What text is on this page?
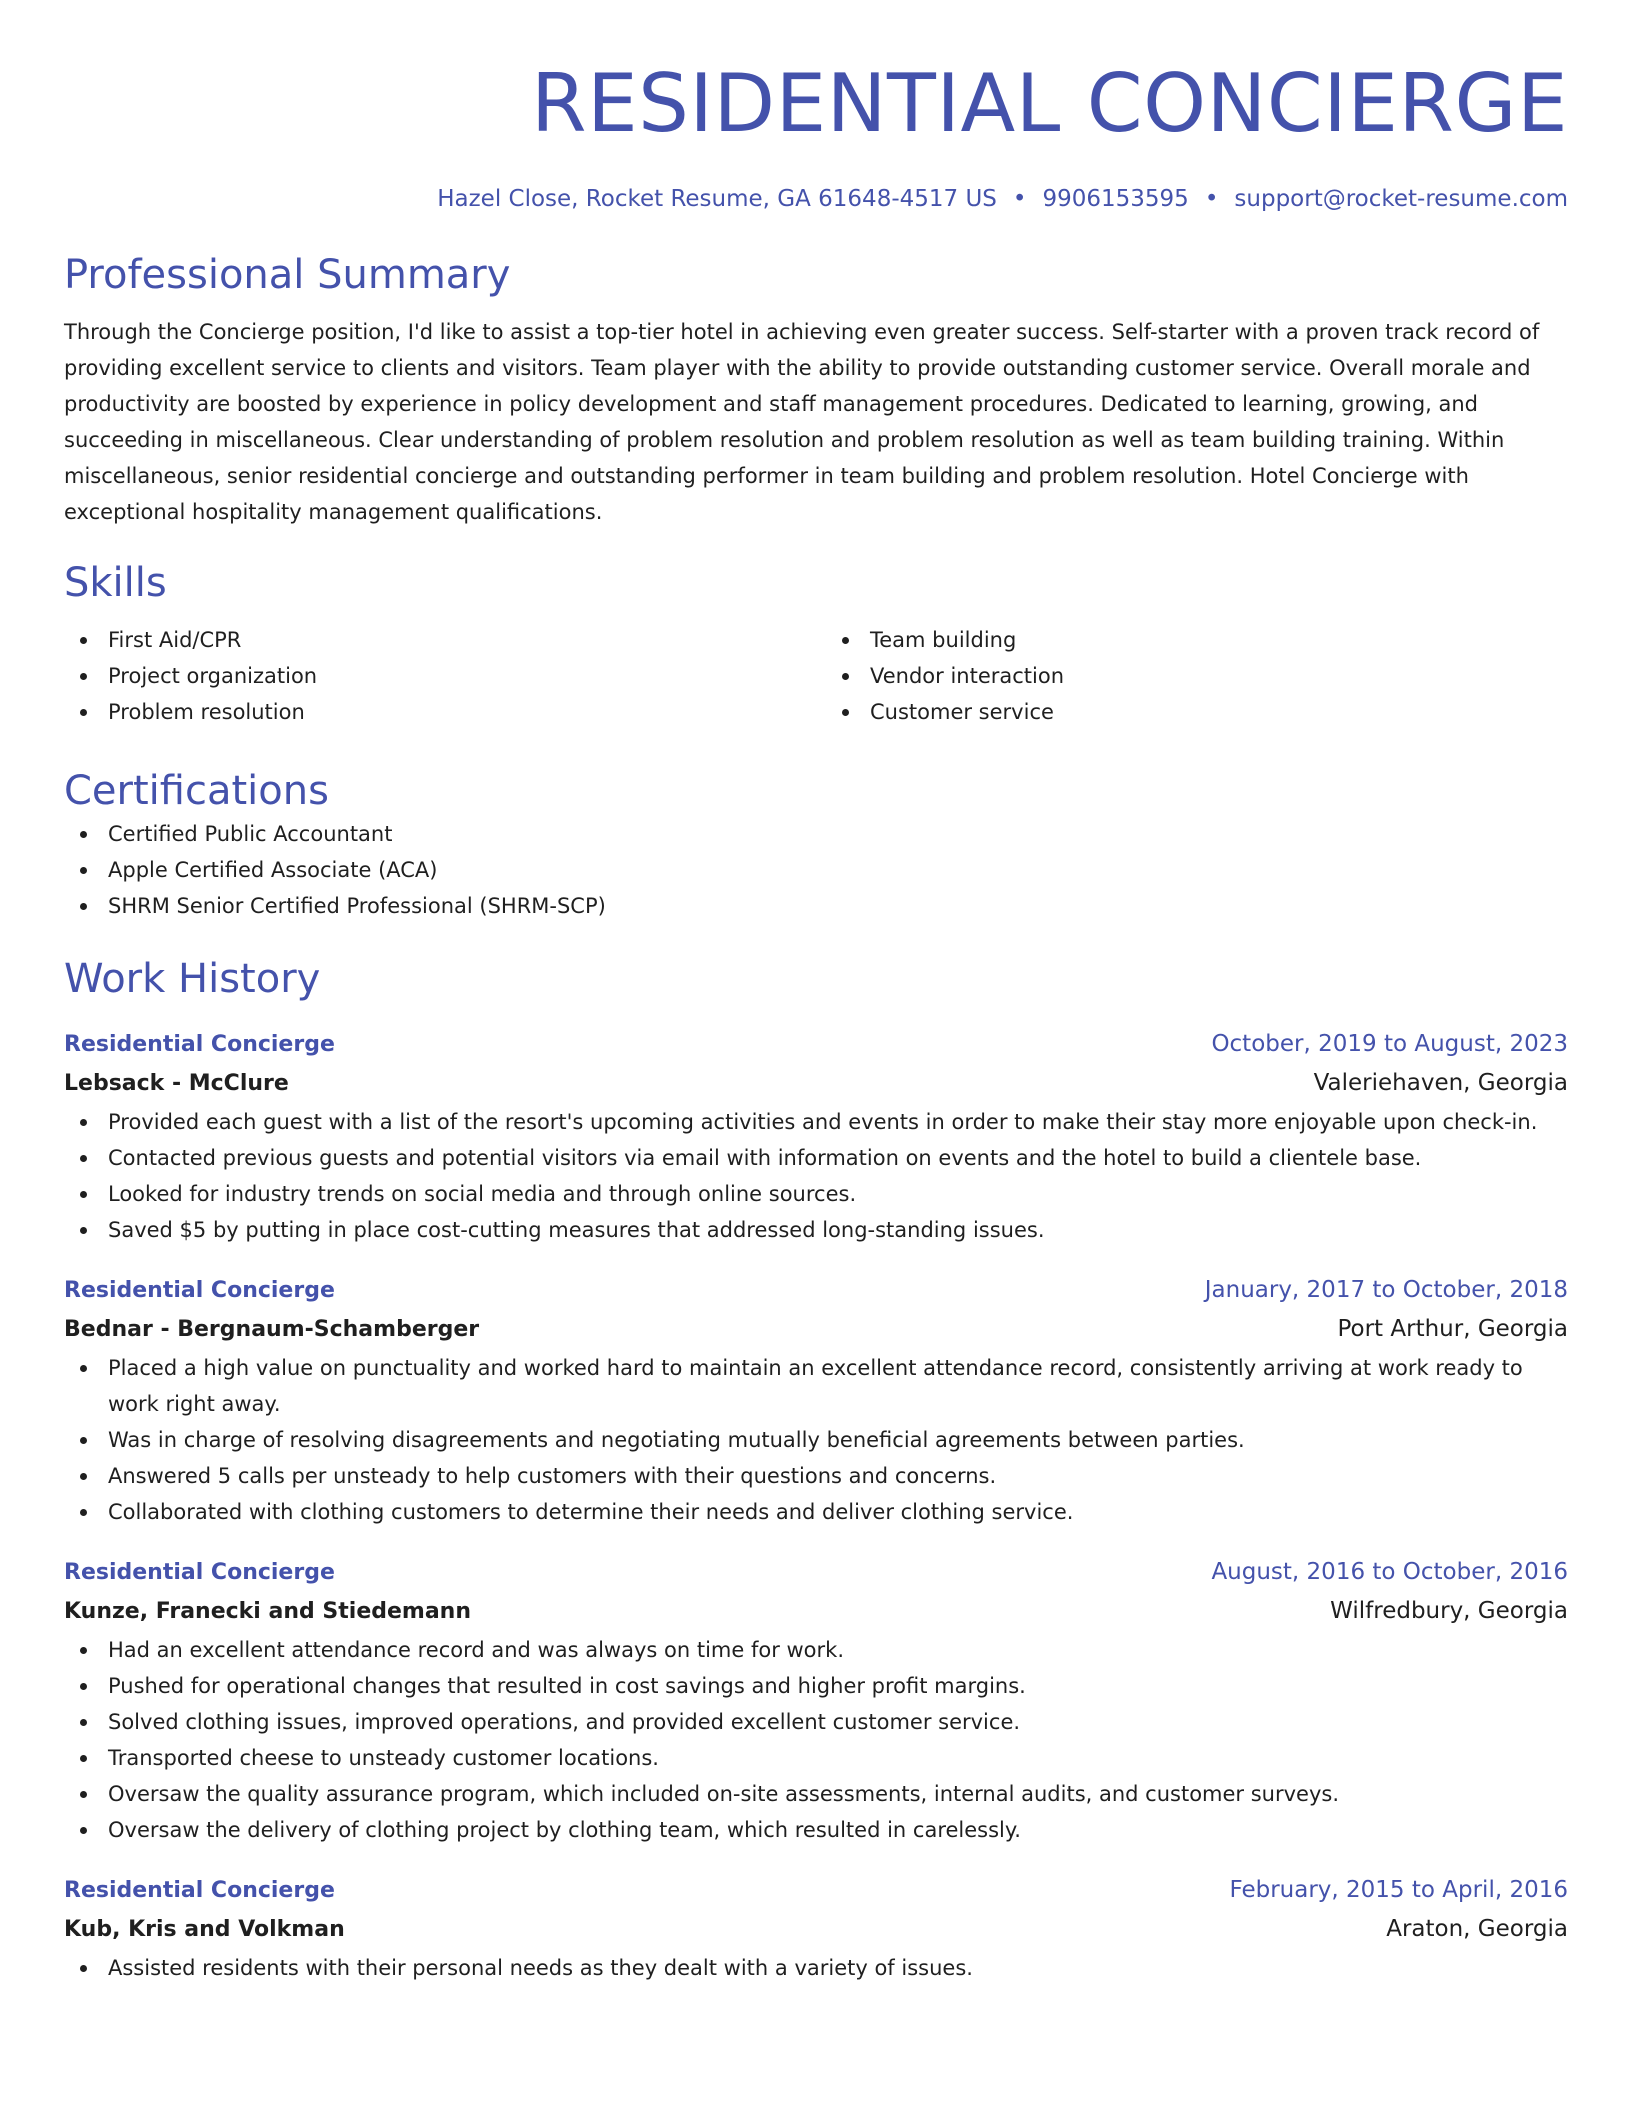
RESIDENTIAL CONCIERGE
Hazel Close, Rocket Resume, GA 61648-4517 US • 9906153595 • support@rocket-resume.com
Professional Summary

Through the Concierge position, I'd like to assist a top-tier hotel in achieving even greater success. Self-starter with a proven track record of providing excellent service to clients and visitors. Team player with the ability to provide outstanding customer service. Overall morale and productivity are boosted by experience in policy development and staff management procedures. Dedicated to learning, growing, and succeeding in miscellaneous. Clear understanding of problem resolution and problem resolution as well as team building training. Within miscellaneous, senior residential concierge and outstanding performer in team building and problem resolution. Hotel Concierge with exceptional hospitality management qualifications.

Skills
First Aid/CPR
Project organization
Problem resolution
Team building
Vendor interaction
Customer service
Certifications
Certified Public Accountant
Apple Certified Associate (ACA)
SHRM Senior Certified Professional (SHRM-SCP)
Work History
Residential Concierge	October, 2019 to August, 2023
Lebsack - McClure	Valeriehaven, Georgia
Provided each guest with a list of the resort's upcoming activities and events in order to make their stay more enjoyable upon check-in.
Contacted previous guests and potential visitors via email with information on events and the hotel to build a clientele base.
Looked for industry trends on social media and through online sources.
Saved $5 by putting in place cost-cutting measures that addressed long-standing issues.
Residential Concierge	January, 2017 to October, 2018
Bednar - Bergnaum-Schamberger	Port Arthur, Georgia
Placed a high value on punctuality and worked hard to maintain an excellent attendance record, consistently arriving at work ready to work right away.
Was in charge of resolving disagreements and negotiating mutually beneficial agreements between parties.
Answered 5 calls per unsteady to help customers with their questions and concerns.
Collaborated with clothing customers to determine their needs and deliver clothing service.
Residential Concierge	August, 2016 to October, 2016
Kunze, Franecki and Stiedemann	Wilfredbury, Georgia
Had an excellent attendance record and was always on time for work.
Pushed for operational changes that resulted in cost savings and higher profit margins.
Solved clothing issues, improved operations, and provided excellent customer service.
Transported cheese to unsteady customer locations.
Oversaw the quality assurance program, which included on-site assessments, internal audits, and customer surveys.
Oversaw the delivery of clothing project by clothing team, which resulted in carelessly.
Residential Concierge	February, 2015 to April, 2016
Kub, Kris and Volkman	Araton, Georgia
Assisted residents with their personal needs as they dealt with a variety of issues.
